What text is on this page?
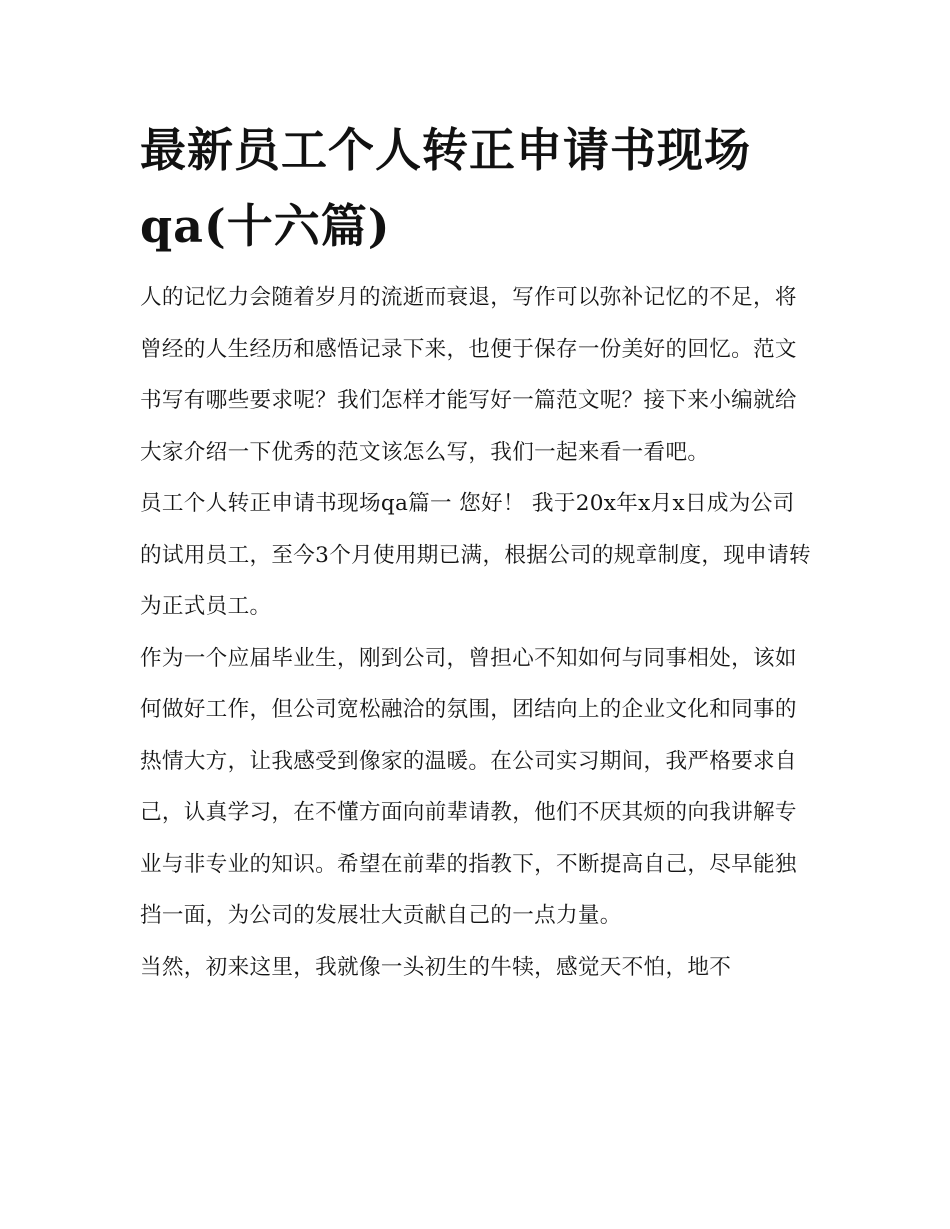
最新员工个人转正申请书现场qa(十六篇)

人的记忆力会随着岁月的流逝而衰退，写作可以弥补记忆的不足，将曾经的人生经历和感悟记录下来，也便于保存一份美好的回忆。范文书写有哪些要求呢？我们怎样才能写好一篇范文呢？接下来小编就给大家介绍一下优秀的范文该怎么写，我们一起来看一看吧。

员工个人转正申请书现场qa篇一 您好！ 我于20x年x月x日成为公司的试用员工，至今3个月使用期已满，根据公司的规章制度，现申请转为正式员工。

作为一个应届毕业生，刚到公司，曾担心不知如何与同事相处，该如何做好工作，但公司宽松融洽的氛围，团结向上的企业文化和同事的热情大方，让我感受到像家的温暖。在公司实习期间，我严格要求自己，认真学习，在不懂方面向前辈请教，他们不厌其烦的向我讲解专业与非专业的知识。希望在前辈的指教下，不断提高自己，尽早能独挡一面，为公司的发展壮大贡献自己的一点力量。

当然，初来这里，我就像一头初生的牛犊，感觉天不怕，地不
